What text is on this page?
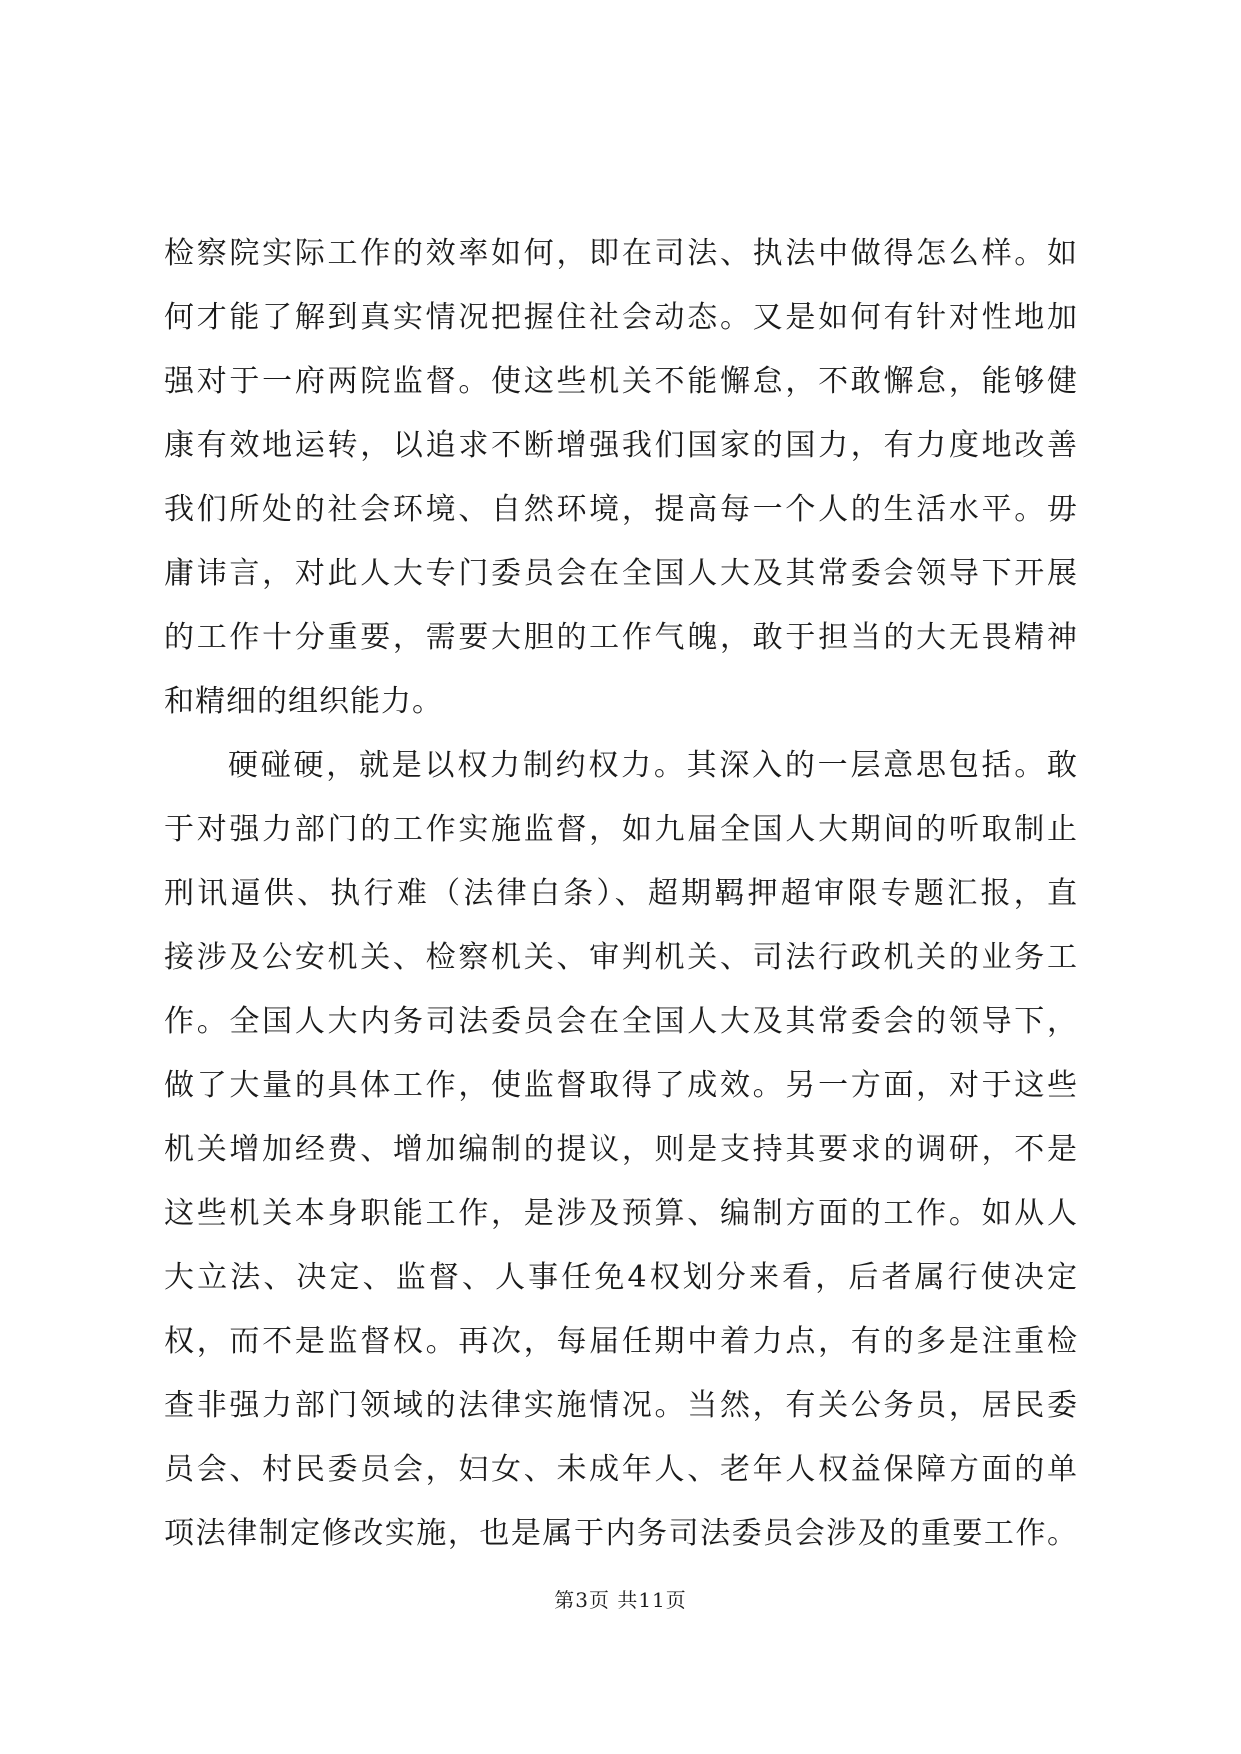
检察院实际工作的效率如何，即在司法、执法中做得怎么样。如
何才能了解到真实情况把握住社会动态。又是如何有针对性地加
强对于一府两院监督。使这些机关不能懈怠，不敢懈怠，能够健
康有效地运转，以追求不断增强我们国家的国力，有力度地改善
我们所处的社会环境、自然环境，提高每一个人的生活水平。毋
庸讳言，对此人大专门委员会在全国人大及其常委会领导下开展
的工作十分重要，需要大胆的工作气魄，敢于担当的大无畏精神
和精细的组织能力。
硬碰硬，就是以权力制约权力。其深入的一层意思包括。敢
于对强力部门的工作实施监督，如九届全国人大期间的听取制止
刑讯逼供、执行难（法律白条）、超期羁押超审限专题汇报，直
接涉及公安机关、检察机关、审判机关、司法行政机关的业务工
作。全国人大内务司法委员会在全国人大及其常委会的领导下，
做了大量的具体工作，使监督取得了成效。另一方面，对于这些
机关增加经费、增加编制的提议，则是支持其要求的调研，不是
这些机关本身职能工作，是涉及预算、编制方面的工作。如从人
大立法、决定、监督、人事任免4权划分来看，后者属行使决定
权，而不是监督权。再次，每届任期中着力点，有的多是注重检
查非强力部门领域的法律实施情况。当然，有关公务员，居民委
员会、村民委员会，妇女、未成年人、老年人权益保障方面的单
项法律制定修改实施，也是属于内务司法委员会涉及的重要工作。
第3页 共11页
